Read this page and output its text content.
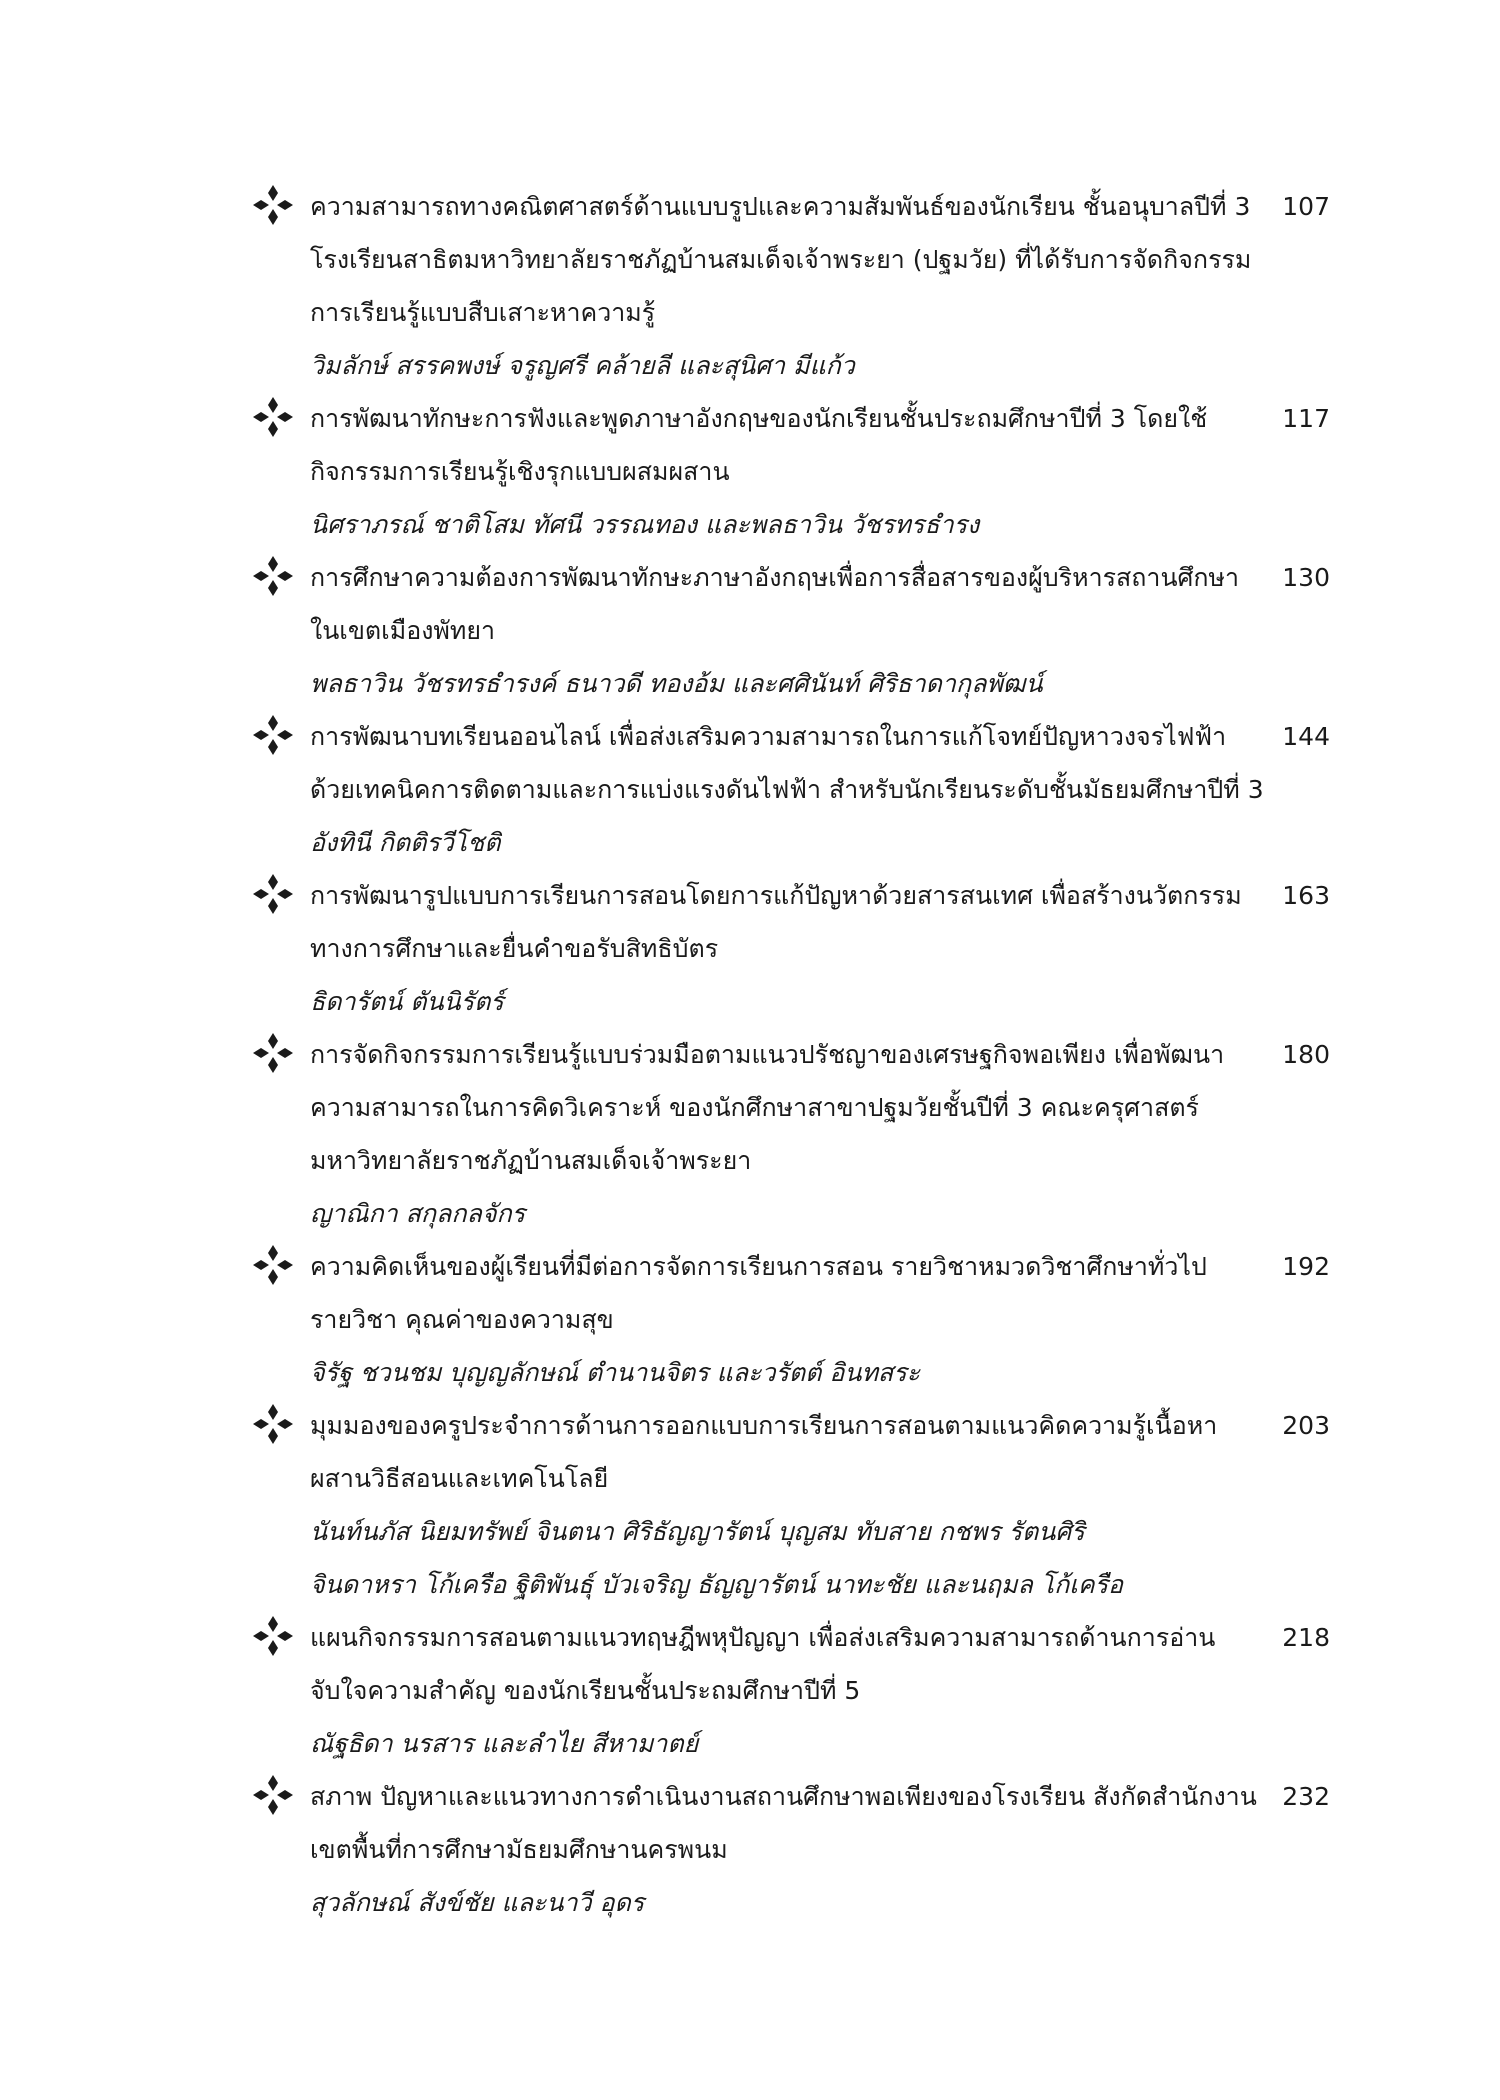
107
ความสามารถทางคณิตศาสตร์ด้านแบบรูปและความสัมพันธ์ของนักเรียน ชั้นอนุบาลปีที่ 3
โรงเรียนสาธิตมหาวิทยาลัยราชภัฏบ้านสมเด็จเจ้าพระยา (ปฐมวัย) ที่ได้รับการจัดกิจกรรม
การเรียนรู้แบบสืบเสาะหาความรู้
วิมลักษ์ สรรคพงษ์ จรูญศรี คล้ายลี และสุนิศา มีแก้ว
117
การพัฒนาทักษะการฟังและพูดภาษาอังกฤษของนักเรียนชั้นประถมศึกษาปีที่ 3 โดยใช้
กิจกรรมการเรียนรู้เชิงรุกแบบผสมผสาน
นิศราภรณ์ ชาติโสม ทัศนี วรรณทอง และพลธาวิน วัชรทรธำรง
130
การศึกษาความต้องการพัฒนาทักษะภาษาอังกฤษเพื่อการสื่อสารของผู้บริหารสถานศึกษา
ในเขตเมืองพัทยา
พลธาวิน วัชรทรธำรงค์ ธนาวดี ทองอ้ม และศศินันท์ ศิริธาดากุลพัฒน์
144
การพัฒนาบทเรียนออนไลน์ เพื่อส่งเสริมความสามารถในการแก้โจทย์ปัญหาวงจรไฟฟ้า
ด้วยเทคนิคการติดตามและการแบ่งแรงดันไฟฟ้า สำหรับนักเรียนระดับชั้นมัธยมศึกษาปีที่ 3
อังทินี กิตติรวีโชติ
163
การพัฒนารูปแบบการเรียนการสอนโดยการแก้ปัญหาด้วยสารสนเทศ เพื่อสร้างนวัตกรรม
ทางการศึกษาและยื่นคำขอรับสิทธิบัตร
ธิดารัตน์ ตันนิรัตร์
180
การจัดกิจกรรมการเรียนรู้แบบร่วมมือตามแนวปรัชญาของเศรษฐกิจพอเพียง เพื่อพัฒนา
ความสามารถในการคิดวิเคราะห์ ของนักศึกษาสาขาปฐมวัยชั้นปีที่ 3 คณะครุศาสตร์
มหาวิทยาลัยราชภัฏบ้านสมเด็จเจ้าพระยา
ญาณิกา สกุลกลจักร
192
ความคิดเห็นของผู้เรียนที่มีต่อการจัดการเรียนการสอน รายวิชาหมวดวิชาศึกษาทั่วไป
รายวิชา คุณค่าของความสุข
จิรัฐ ชวนชม บุญญลักษณ์ ตำนานจิตร และวรัตต์ อินทสระ
203
มุมมองของครูประจำการด้านการออกแบบการเรียนการสอนตามแนวคิดความรู้เนื้อหา
ผสานวิธีสอนและเทคโนโลยี
นันท์นภัส นิยมทรัพย์ จินตนา ศิริธัญญารัตน์ บุญสม ทับสาย กชพร รัตนศิริ
จินดาหรา โก้เครือ ฐิติพันธุ์ บัวเจริญ ธัญญารัตน์ นาทะชัย และนฤมล โก้เครือ
218
แผนกิจกรรมการสอนตามแนวทฤษฎีพหุปัญญา เพื่อส่งเสริมความสามารถด้านการอ่าน
จับใจความสำคัญ ของนักเรียนชั้นประถมศึกษาปีที่ 5
ณัฐธิดา นรสาร และลำไย สีหามาตย์
232
สภาพ ปัญหาและแนวทางการดำเนินงานสถานศึกษาพอเพียงของโรงเรียน สังกัดสำนักงาน
เขตพื้นที่การศึกษามัธยมศึกษานครพนม
สุวลักษณ์ สังข์ชัย และนาวี อุดร
